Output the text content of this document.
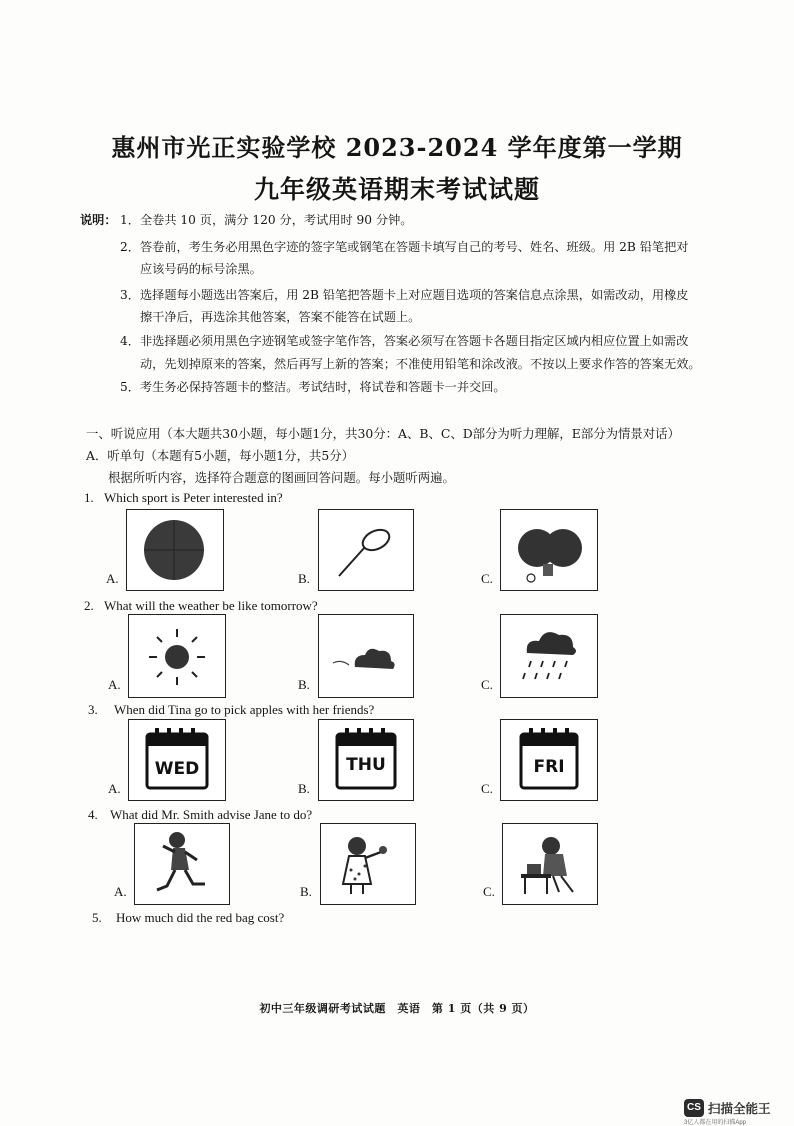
惠州市光正实验学校 2023-2024 学年度第一学期
九年级英语期末考试试题
说明： 1．全卷共 10 页，满分 120 分，考试用时 90 分钟。
2．答卷前，考生务必用黑色字迹的签字笔或钢笔在答题卡填写自己的考号、姓名、班级。用 2B 铅笔把对
应该号码的标号涂黑。
3．选择题每小题选出答案后，用 2B 铅笔把答题卡上对应题目选项的答案信息点涂黑，如需改动，用橡皮
擦干净后，再选涂其他答案，答案不能答在试题上。
4．非选择题必须用黑色字迹钢笔或签字笔作答，答案必须写在答题卡各题目指定区域内相应位置上如需改
动，先划掉原来的答案，然后再写上新的答案；不准使用铅笔和涂改液。不按以上要求作答的答案无效。
5．考生务必保持答题卡的整洁。考试结时，将试卷和答题卡一并交回。
一、听说应用（本大题共30小题，每小题1分，共30分：A、B、C、D部分为听力理解，E部分为情景对话）
A．听单句（本题有5小题，每小题1分，共5分）
根据所听内容，选择符合题意的图画回答问题。每小题听两遍。
1. Which sport is Peter interested in?
A.	B.	C.
2. What will the weather be like tomorrow?
A.	B.	C.
3. When did Tina go to pick apples with her friends?
WED
A.
THU
B.
FRI
C.
4. What did Mr. Smith advise Jane to do?
A.	B.	C.
5. How much did the red bag cost?
初中三年级调研考试试题　英语　第 1 页（共 9 页）
CS 扫描全能王
3亿人都在用的扫描App
